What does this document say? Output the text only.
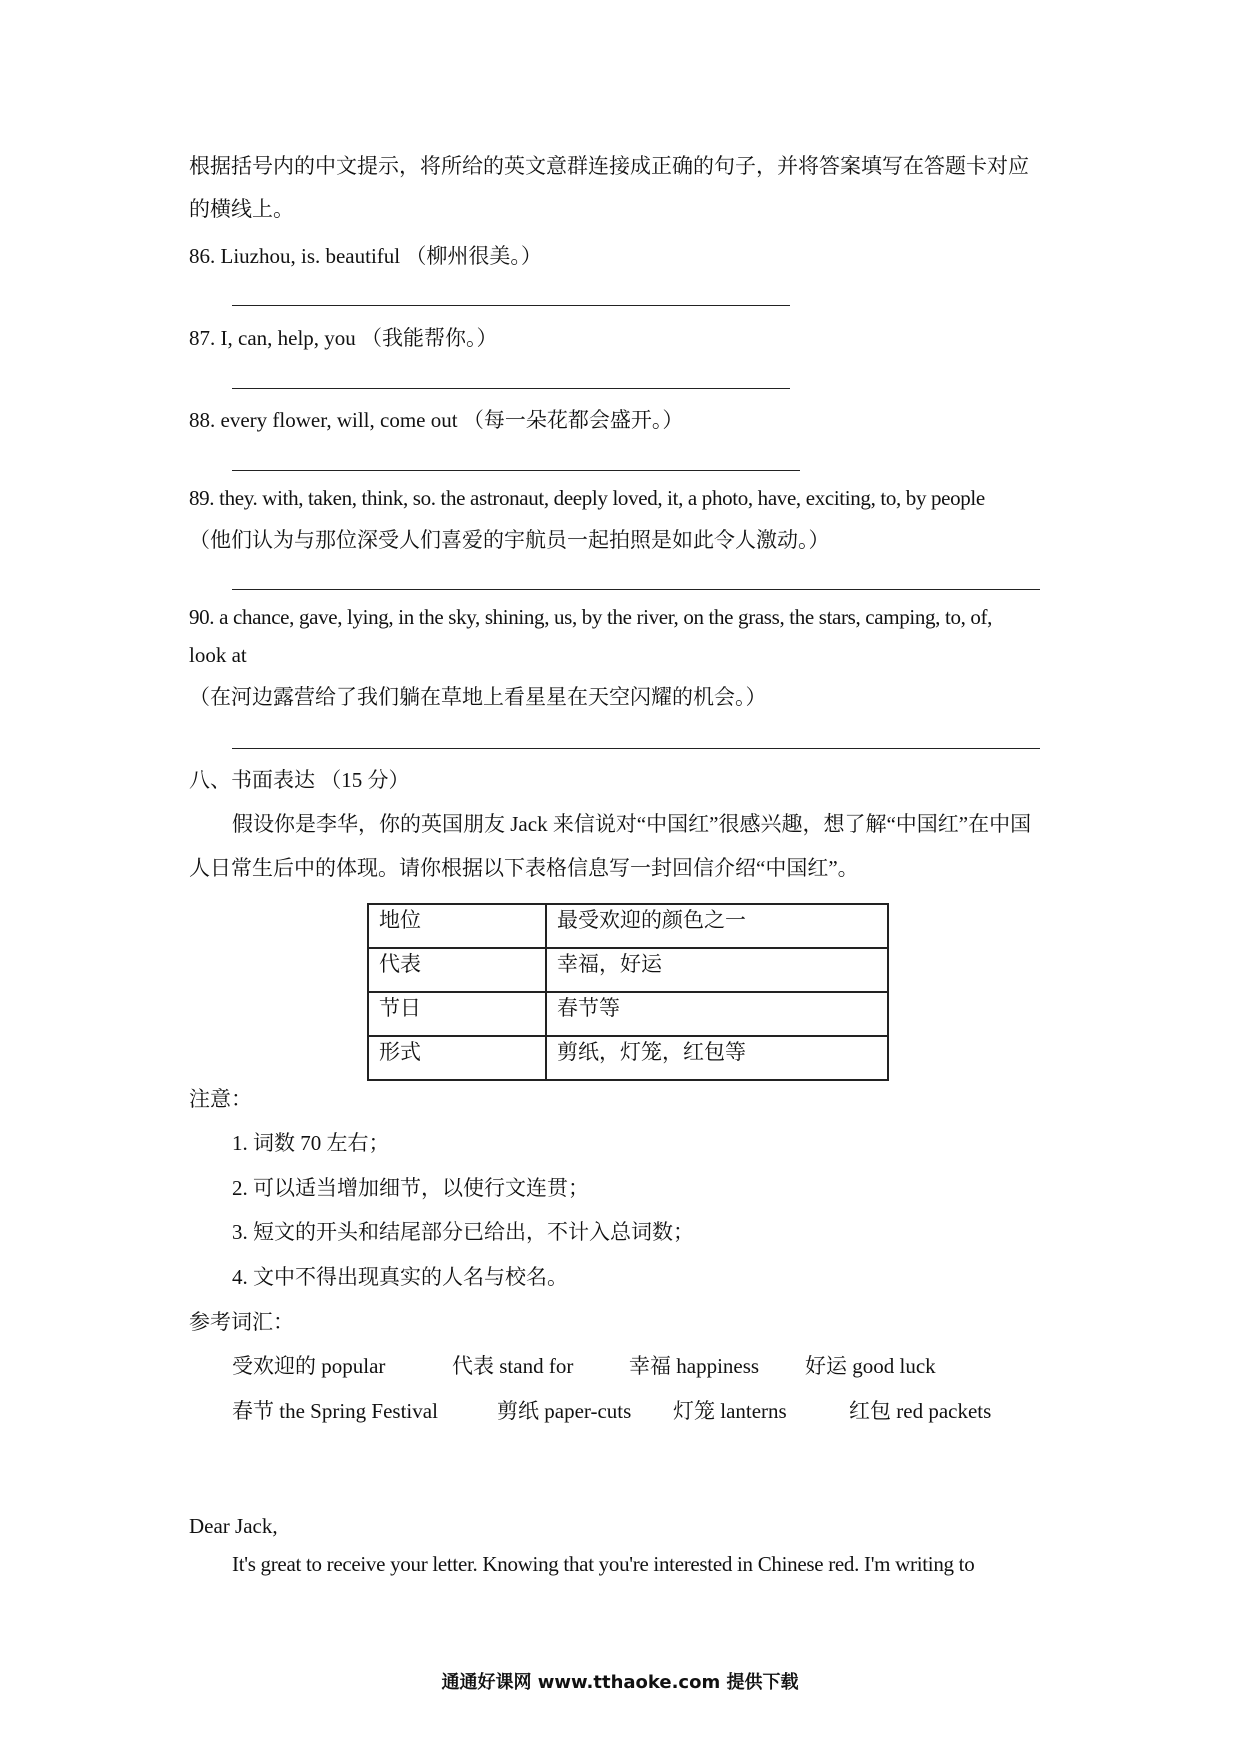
根据括号内的中文提示，将所给的英文意群连接成正确的句子，并将答案填写在答题卡对应
的横线上。
86. Liuzhou, is. beautiful （柳州很美。）
87. I, can, help, you （我能帮你。）
88. every flower, will, come out （每一朵花都会盛开。）
89. they. with, taken, think, so. the astronaut, deeply loved, it, a photo, have, exciting, to, by people
（他们认为与那位深受人们喜爱的宇航员一起拍照是如此令人激动。）
90. a chance, gave, lying, in the sky, shining, us, by the river, on the grass, the stars, camping, to, of,
look at
（在河边露营给了我们躺在草地上看星星在天空闪耀的机会。）
八、书面表达 （15 分）
假设你是李华，你的英国朋友 Jack 来信说对“中国红”很感兴趣，想了解“中国红”在中国
人日常生后中的体现。请你根据以下表格信息写一封回信介绍“中国红”。
地位	最受欢迎的颜色之一
代表	幸福，好运
节日	春节等
形式	剪纸，灯笼，红包等
注意：
1. 词数 70 左右；
2. 可以适当增加细节，以使行文连贯；
3. 短文的开头和结尾部分已给出，不计入总词数；
4. 文中不得出现真实的人名与校名。
参考词汇：
受欢迎的 popular	代表 stand for	幸福 happiness 好运 good luck
春节 the Spring Festival	剪纸 paper-cuts 灯笼 lanterns	红包 red packets
Dear Jack,
It's great to receive your letter. Knowing that you're interested in Chinese red. I'm writing to
通通好课网 www.tthaoke.com 提供下载
